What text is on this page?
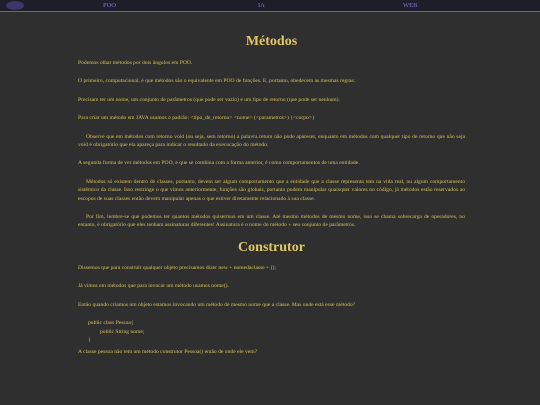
POO	IA	WEB
Métodos

Podemos olhar métodos por dois ângulos em POO.

O primeiro, computacional, é que métodos são o equivalente em POO de funções. E, portanto, obedecem as mesmas regras:

Precisam ter um nome, um conjunto de parâmetros (que pode ser vazio) e um tipo de retorno (que pode ser nenhum).

Para criar um método em JAVA usamos o padrão: <tipo_de_retorno> <nome> (<parametros>) {<corpo>}

Observe que em métodos com retorno void (ou seja, sem retorno) a palavra return não pode aparecer, enquanto em métodos com qualquer tipo de retorno que não seja void é obrigatório que ela apareça para indicar o resultado da execucação do método.

A segunda forma de ver métodos em POO, e que se combina com a forma anterior, é como comportamentos de uma entidade.

Métodos só existem dentro de classes, portanto, devem ser algum comportamento que a entidade que a classe representa tem na vida real, ou algum comportamento sistêmico da classe. Isso restringe o que vimos anteriormente, funções são globais, portanto podem manipular quaisquer valores no código, já métodos estão reservados ao escopos de suas classes então devem manipular apenas o que estiver diretamente relacionado à sua classe.

Por fim, lembre-se que podemos ter quantos métodos quisermos em um classe. Até mesmo métodos de mesmo nome, isso se chama sobrecarga de operadores, no entanto, é obrigatório que eles tenham assinaturas diferentes! Assinatura é o nome do método + seu conjunto de parâmetros.

Construtor

Dissemos que para construir qualquer objeto precisamos dizer new + nomedaclasse + ();

Já vimos em métodos que para invocar um método usamos nome().

Então quando criamos um objeto estamos invocando um método de mesmo nome que a classe. Mas onde está esse método?

public class Pessoa{
public String nome;
}

A classe pessoa não tem um método construtor Pessoa() então de onde ele vem?
